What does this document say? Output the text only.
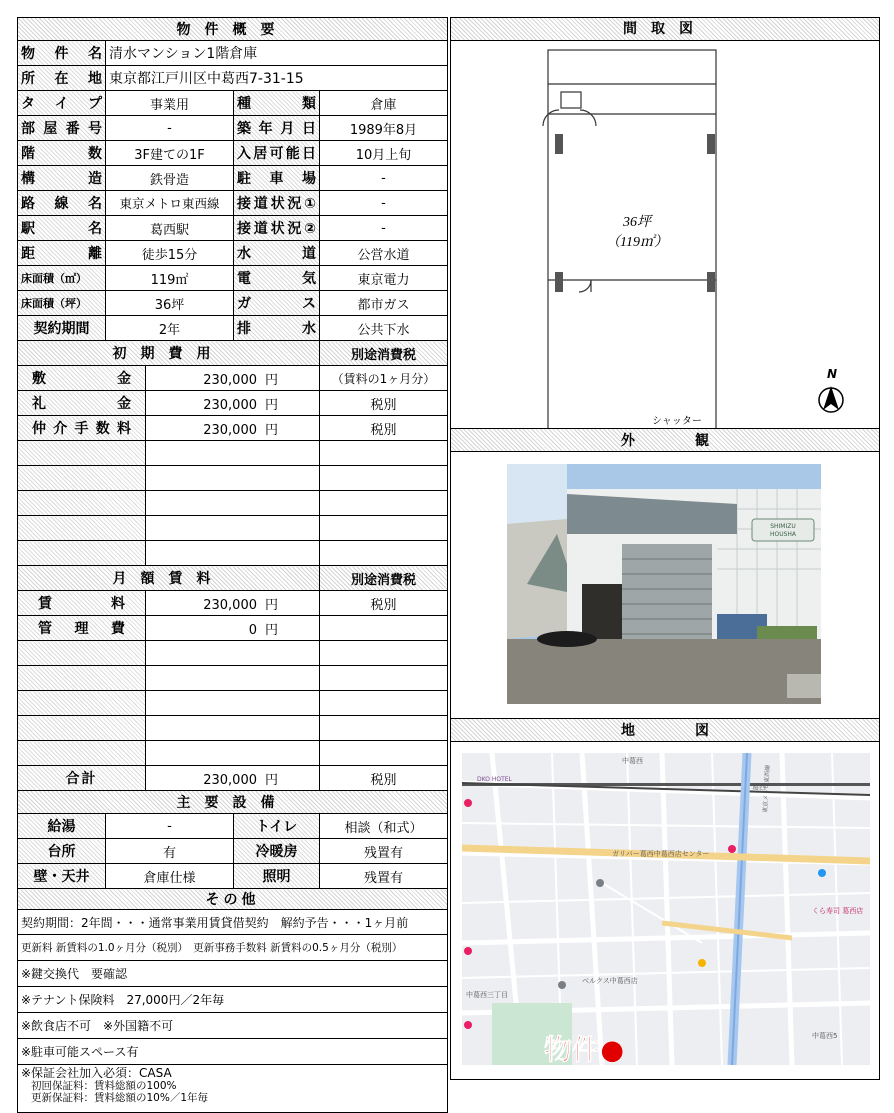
物件概要			
物件名	清水マンション1階倉庫		
所在地	東京都江戸川区中葛西7-31-15		
タイプ	事業用	種類	倉庫
部屋番号	-	築年月日	1989年8月
階数	3F建ての1F	入居可能日	10月上旬
構造	鉄骨造	駐車場	-
路線名	東京メトロ東西線	接道状況①	-
駅名	葛西駅	接道状況②	-
距離	徒歩15分	水道	公営水道
床面積（㎡）	119㎡	電気	東京電力
床面積（坪）	36坪	ガス	都市ガス
契約期間	2年	排水	公共下水
初期費用		別途消費税
敷金	230,000 円	（賃料の1ヶ月分）
礼金	230,000 円	税別
仲介手数料	230,000 円	税別

月額賃料		別途消費税
賃料	230,000 円	税別
管理費	0 円	

合計	230,000 円	税別
主要設備			
給湯	-	トイレ	相談（和式）
台所	有	冷暖房	残置有
壁・天井	倉庫仕様	照明	残置有
その他
契約期間：2年間・・・通常事業用賃貸借契約　解約予告・・・1ヶ月前
更新料 新賃料の1.0ヶ月分（税別）　更新事務手数料 新賃料の0.5ヶ月分（税別）
※鍵交換代　要確認
※テナント保険料　27,000円／2年毎
※飲食店不可　※外国籍不可
※駐車可能スペース有

※保証会社加入必須：CASA
初回保証料：賃料総額の100%
更新保証料：賃料総額の10%／1年毎
間取図
36坪
（119㎡）
シャッター
N
外観
SHIMIZU
HOUSHA
地図
中葛西
葛西
ガリバー葛西中葛西店センター
東京メトロ東西線
ベルクス中葛西店
くら寿司 葛西店
中葛西三丁目
DKO HOTEL
中葛西5
物件●
